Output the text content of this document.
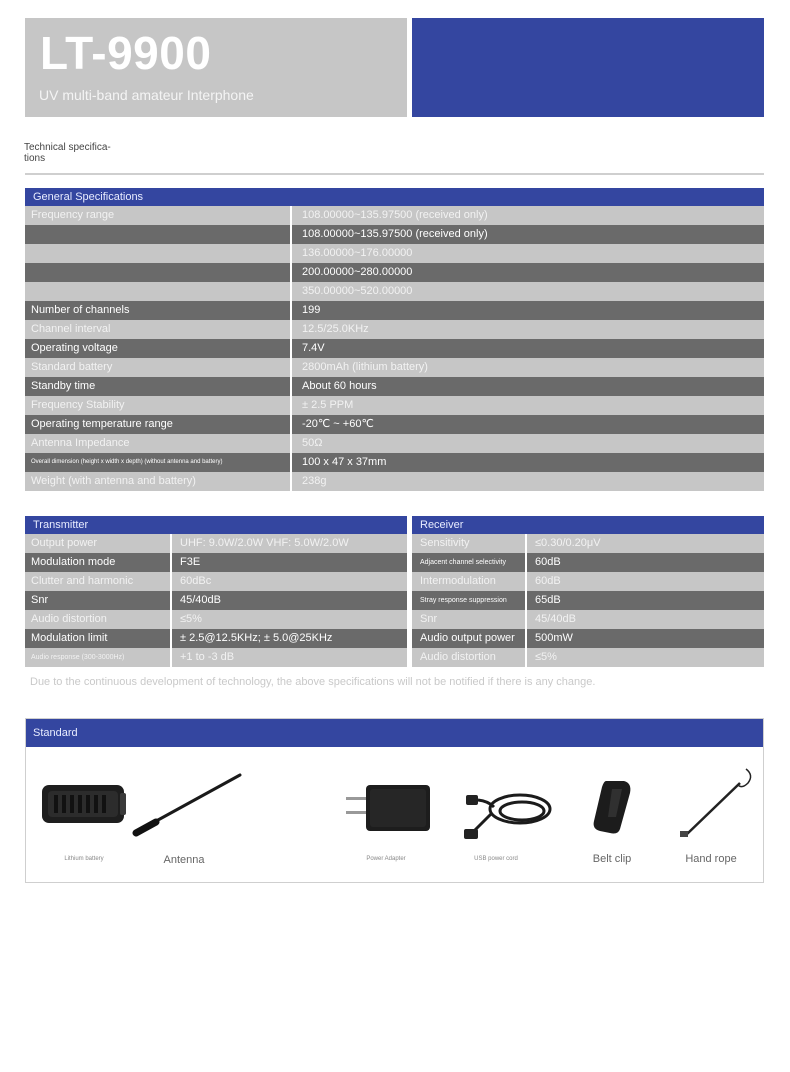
LT-9900
UV multi-band amateur Interphone
Technical specifica-
tions
General Specifications
Frequency range	108.00000~135.97500 (received only)
108.00000~135.97500 (received only)
136.00000~176.00000
200.00000~280.00000
350.00000~520.00000
Number of channels	199
Channel interval	12.5/25.0KHz
Operating voltage	7.4V
Standard battery	2800mAh (lithium battery)
Standby time	About 60 hours
Frequency Stability	± 2.5 PPM
Operating temperature range	-20℃ ~ +60℃
Antenna Impedance	50Ω
Overall dimension (height x width x depth) (without antenna and battery)	100 x 47 x 37mm
Weight (with antenna and battery)	238g
Transmitter
Output power	UHF: 9.0W/2.0W VHF: 5.0W/2.0W
Modulation mode	F3E
Clutter and harmonic	60dBc
Snr	45/40dB
Audio distortion	≤5%
Modulation limit	± 2.5@12.5KHz; ± 5.0@25KHz
Audio response (300-3000Hz)	+1 to -3 dB
Receiver
Sensitivity	≤0.30/0.20μV
Adjacent channel selectivity	60dB
Intermodulation	60dB
Stray response suppression	65dB
Snr	45/40dB
Audio output power	500mW
Audio distortion	≤5%
Due to the continuous development of technology, the above specifications will not be notified if there is any change.
Standard
Lithium battery	Antenna	Power Adapter	USB power cord	Belt clip	Hand rope
